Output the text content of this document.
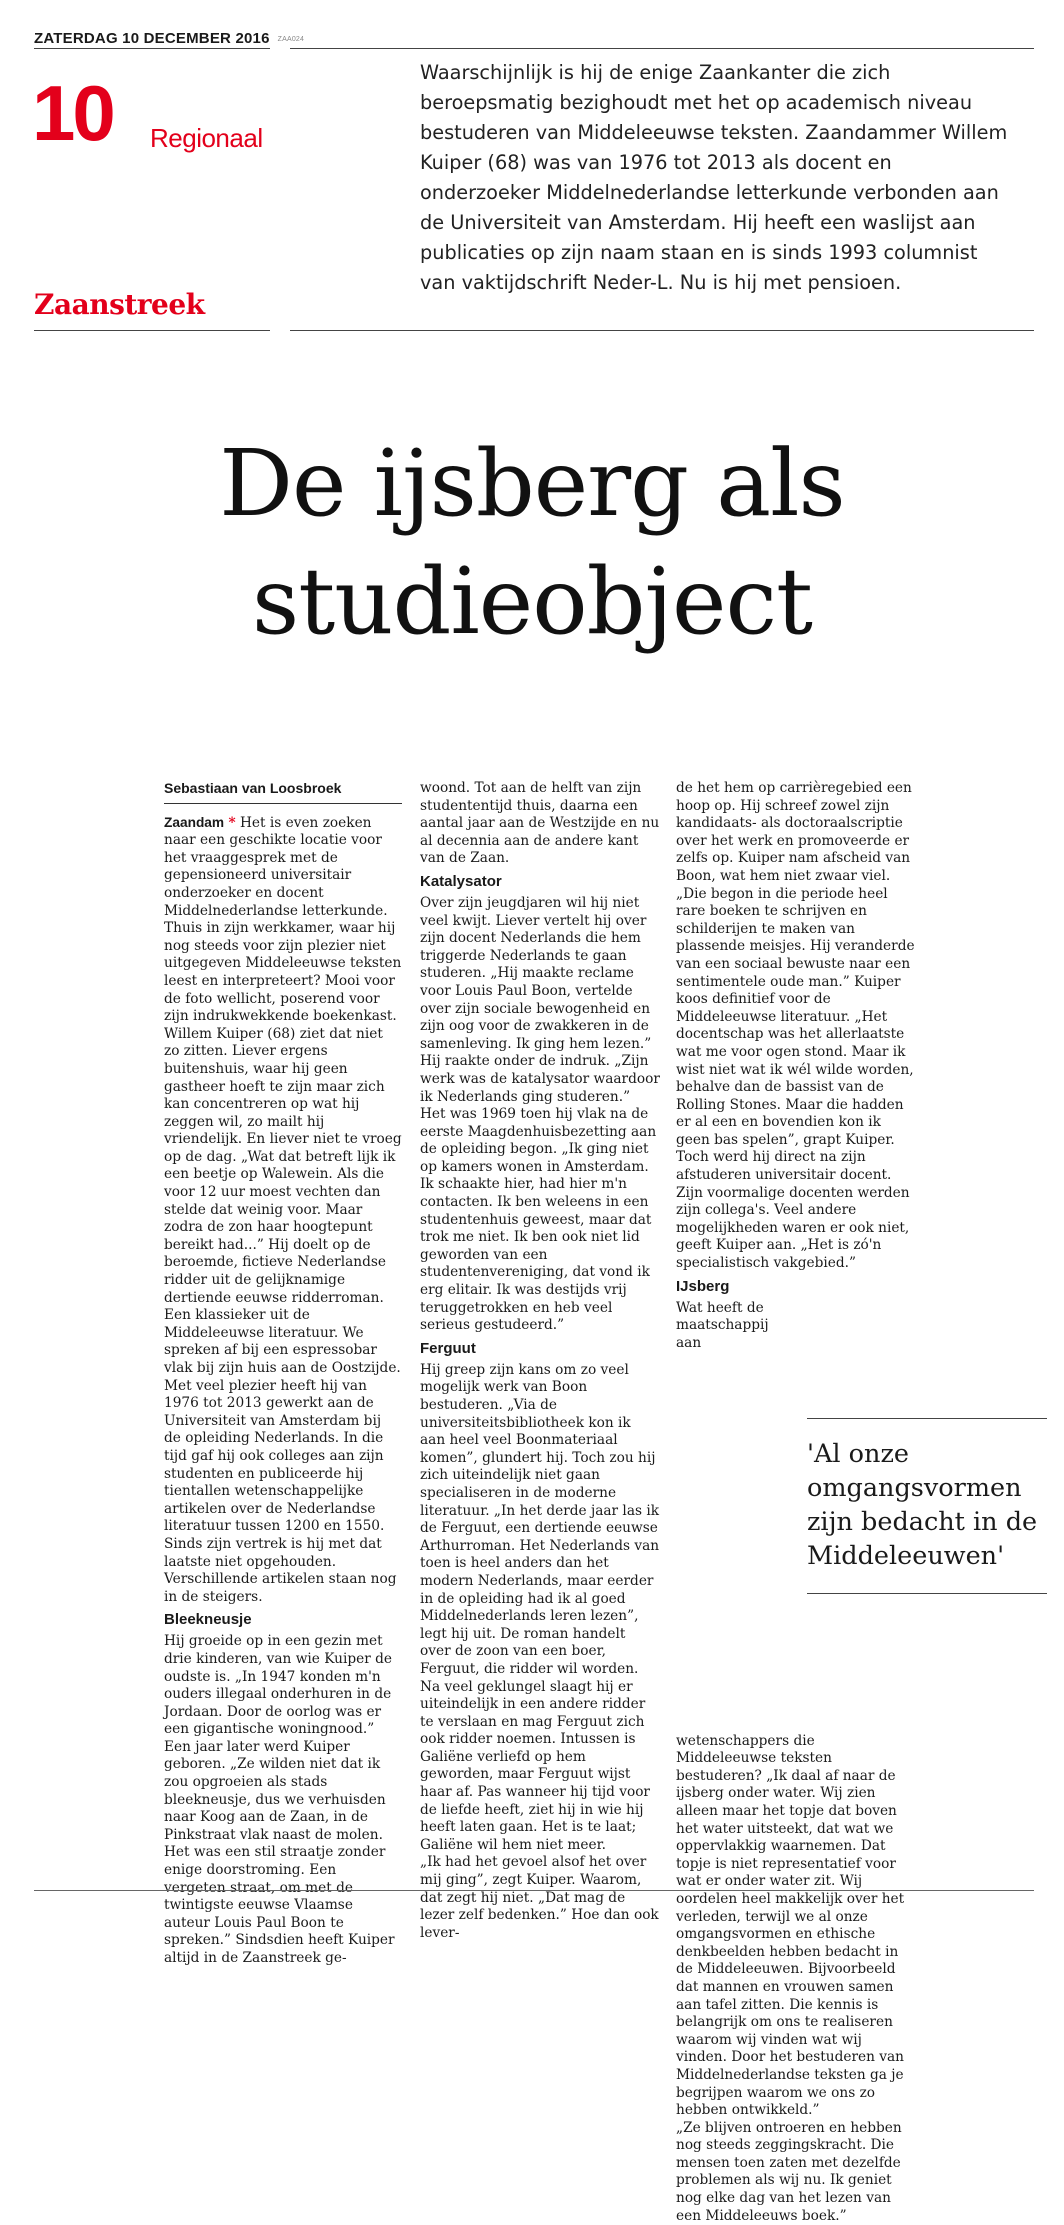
ZATERDAG 10 DECEMBER 2016 ZAA024
10 Regionaal
Zaanstreek
Waarschijnlijk is hij de enige Zaankanter die zich beroepsmatig bezighoudt met het op academisch niveau bestuderen van Middeleeuwse teksten. Zaandammer Willem Kuiper (68) was van 1976 tot 2013 als docent en onderzoeker Middelnederlandse letterkunde verbonden aan de Universiteit van Amsterdam. Hij heeft een waslijst aan publicaties op zijn naam staan en is sinds 1993 columnist van vaktijdschrift Neder-L. Nu is hij met pensioen.
De ijsberg als
studieobject
Sebastiaan van Loosbroek

Zaandam * Het is even zoeken naar een geschikte locatie voor het vraaggesprek met de gepensioneerd universitair onderzoeker en docent Middelnederlandse letterkunde. Thuis in zijn werkkamer, waar hij nog steeds voor zijn plezier niet uitgegeven Middeleeuwse teksten leest en interpreteert? Mooi voor de foto wellicht, poserend voor zijn indrukwekkende boekenkast.

Willem Kuiper (68) ziet dat niet zo zitten. Liever ergens buitenshuis, waar hij geen gastheer hoeft te zijn maar zich kan concentreren op wat hij zeggen wil, zo mailt hij vriendelijk. En liever niet te vroeg op de dag. „Wat dat betreft lijk ik een beetje op Walewein. Als die voor 12 uur moest vechten dan stelde dat weinig voor. Maar zodra de zon haar hoogtepunt bereikt had...” Hij doelt op de beroemde, fictieve Nederlandse ridder uit de gelijknamige dertiende eeuwse ridderroman. Een klassieker uit de Middeleeuwse literatuur. We spreken af bij een espressobar vlak bij zijn huis aan de Oostzijde.

Met veel plezier heeft hij van 1976 tot 2013 gewerkt aan de Universiteit van Amsterdam bij de opleiding Nederlands. In die tijd gaf hij ook colleges aan zijn studenten en publiceerde hij tientallen wetenschappelijke artikelen over de Nederlandse literatuur tussen 1200 en 1550. Sinds zijn vertrek is hij met dat laatste niet opgehouden. Verschillende artikelen staan nog in de steigers.

Bleekneusje

Hij groeide op in een gezin met drie kinderen, van wie Kuiper de oudste is. „In 1947 konden m'n ouders illegaal onderhuren in de Jordaan. Door de oorlog was er een gigantische woningnood.” Een jaar later werd Kuiper geboren. „Ze wilden niet dat ik zou opgroeien als stads bleekneusje, dus we verhuisden naar Koog aan de Zaan, in de Pinkstraat vlak naast de molen. Het was een stil straatje zonder enige doorstroming. Een vergeten straat, om met de twintigste eeuwse Vlaamse auteur Louis Paul Boon te spreken.” Sindsdien heeft Kuiper altijd in de Zaanstreek ge-

woond. Tot aan de helft van zijn studententijd thuis, daarna een aantal jaar aan de Westzijde en nu al decennia aan de andere kant van de Zaan.

Katalysator

Over zijn jeugdjaren wil hij niet veel kwijt. Liever vertelt hij over zijn docent Nederlands die hem triggerde Nederlands te gaan studeren. „Hij maakte reclame voor Louis Paul Boon, vertelde over zijn sociale bewogenheid en zijn oog voor de zwakkeren in de samenleving. Ik ging hem lezen.” Hij raakte onder de indruk. „Zijn werk was de katalysator waardoor ik Nederlands ging studeren.”

Het was 1969 toen hij vlak na de eerste Maagdenhuisbezetting aan de opleiding begon. „Ik ging niet op kamers wonen in Amsterdam. Ik schaakte hier, had hier m'n contacten. Ik ben weleens in een studentenhuis geweest, maar dat trok me niet. Ik ben ook niet lid geworden van een studentenvereniging, dat vond ik erg elitair. Ik was destijds vrij teruggetrokken en heb veel serieus gestudeerd.”

Ferguut

Hij greep zijn kans om zo veel mogelijk werk van Boon bestuderen. „Via de universiteitsbibliotheek kon ik aan heel veel Boonmateriaal komen”, glundert hij. Toch zou hij zich uiteindelijk niet gaan specialiseren in de moderne literatuur. „In het derde jaar las ik de Ferguut, een dertiende eeuwse Arthurroman. Het Nederlands van toen is heel anders dan het modern Nederlands, maar eerder in de opleiding had ik al goed Middelnederlands leren lezen”, legt hij uit. De roman handelt over de zoon van een boer, Ferguut, die ridder wil worden. Na veel geklungel slaagt hij er uiteindelijk in een andere ridder te verslaan en mag Ferguut zich ook ridder noemen. Intussen is Galiëne verliefd op hem geworden, maar Ferguut wijst haar af. Pas wanneer hij tijd voor de liefde heeft, ziet hij in wie hij heeft laten gaan. Het is te laat; Galiëne wil hem niet meer.

„Ik had het gevoel alsof het over mij ging”, zegt Kuiper. Waarom, dat zegt hij niet. „Dat mag de lezer zelf bedenken.” Hoe dan ook lever-

de het hem op carrièregebied een hoop op. Hij schreef zowel zijn kandidaats- als doctoraalscriptie over het werk en promoveerde er zelfs op. Kuiper nam afscheid van Boon, wat hem niet zwaar viel. „Die begon in die periode heel rare boeken te schrijven en schilderijen te maken van plassende meisjes. Hij veranderde van een sociaal bewuste naar een sentimentele oude man.” Kuiper koos definitief voor de Middeleeuwse literatuur. „Het docentschap was het allerlaatste wat me voor ogen stond. Maar ik wist niet wat ik wél wilde worden, behalve dan de bassist van de Rolling Stones. Maar die hadden er al een en bovendien kon ik geen bas spelen”, grapt Kuiper. Toch werd hij direct na zijn afstuderen universitair docent. Zijn voormalige docenten werden zijn collega's. Veel andere mogelijkheden waren er ook niet, geeft Kuiper aan. „Het is zó'n specialistisch vakgebied.”

IJsberg

Wat heeft de maatschappij aan wetenschappers die Middeleeuwse teksten bestuderen? „Ik daal af naar de ijsberg onder water. Wij zien alleen maar het topje dat boven het water uitsteekt, dat wat we oppervlakkig waarnemen. Dat topje is niet representatief voor wat er onder water zit. Wij oordelen heel makkelijk over het verleden, terwijl we al onze omgangsvormen en ethische denkbeelden hebben bedacht in de Middeleeuwen. Bijvoorbeeld dat mannen en vrouwen samen aan tafel zitten. Die kennis is belangrijk om ons te realiseren waarom wij vinden wat wij vinden. Door het bestuderen van Middelnederlandse teksten ga je begrijpen waarom we ons zo hebben ontwikkeld.”

„Ze blijven ontroeren en hebben nog steeds zeggingskracht. Die mensen toen zaten met dezelfde problemen als wij nu. Ik geniet nog elke dag van het lezen van een Middeleeuws boek.”

'Al onze omgangsvormen zijn bedacht in de Middeleeuwen'
